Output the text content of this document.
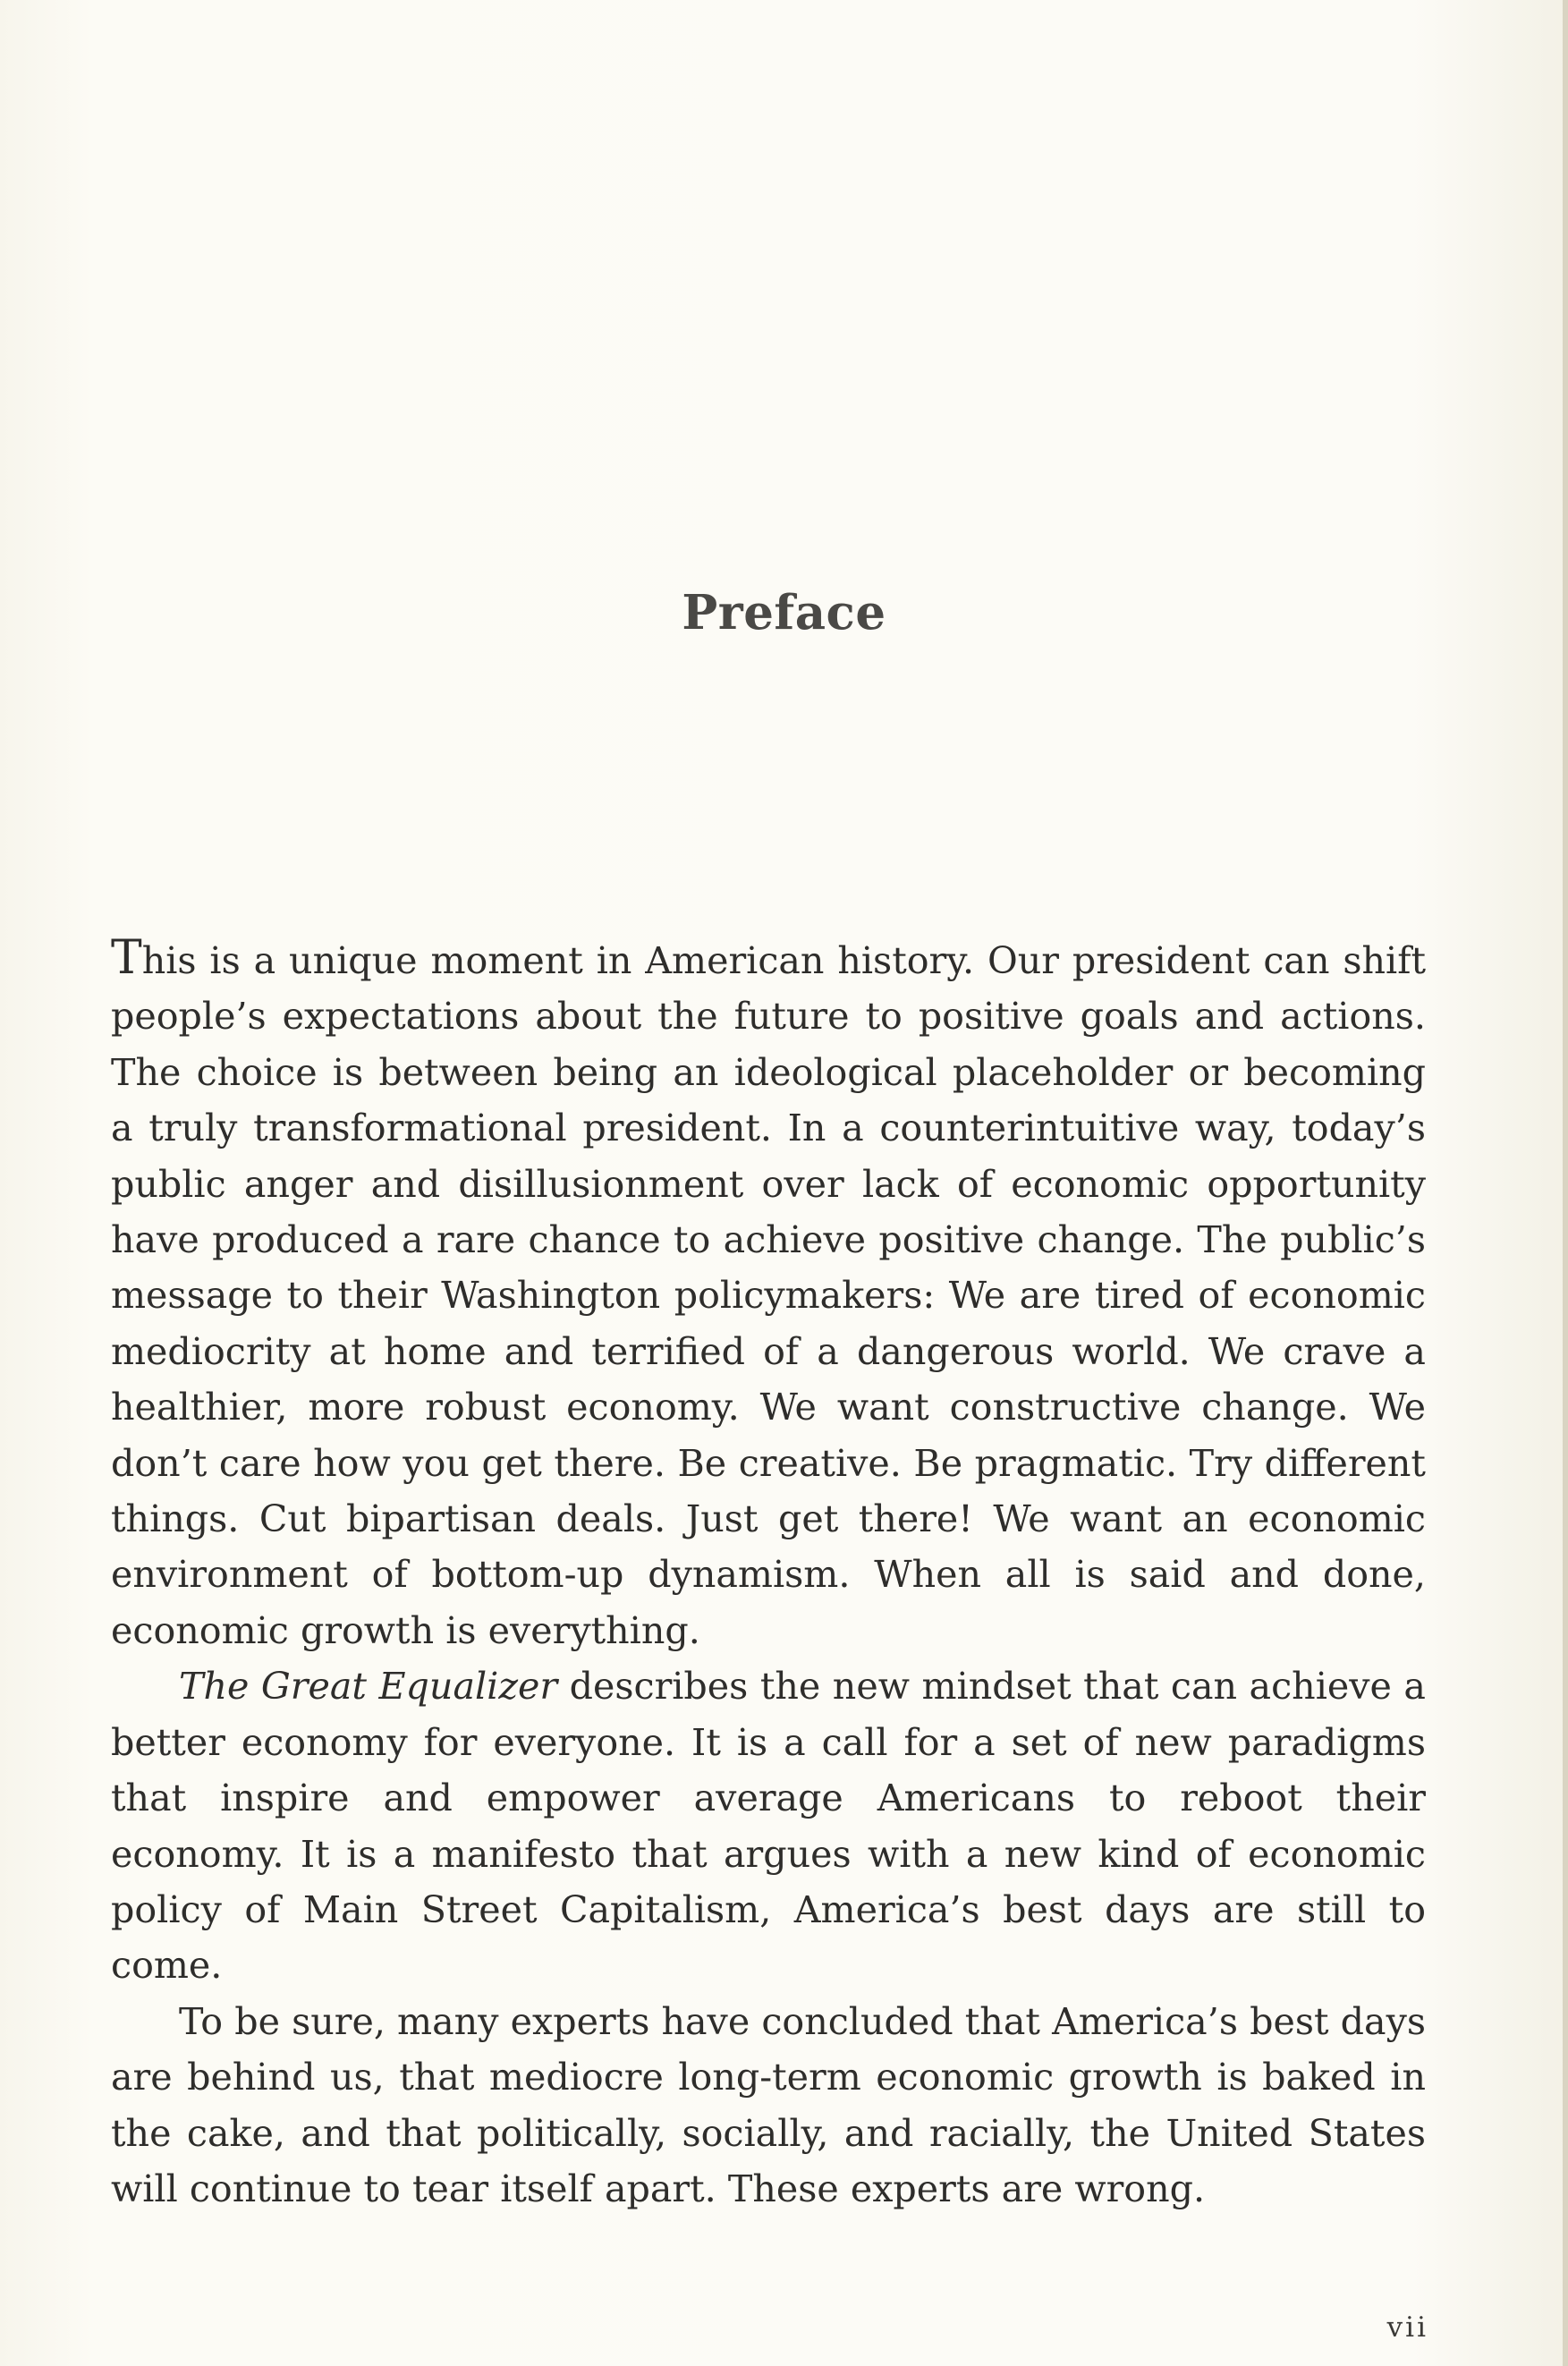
Preface

This is a unique moment in American history. Our president can shift people’s expectations about the future to positive goals and actions. The choice is between being an ideological placeholder or becoming a truly transformational president. In a counterintuitive way, today’s public anger and disillusionment over lack of economic opportunity have produced a rare chance to achieve positive change. The public’s message to their Washington policymakers: We are tired of economic mediocrity at home and terrified of a dangerous world. We crave a healthier, more robust economy. We want constructive change. We don’t care how you get there. Be creative. Be pragmatic. Try different things. Cut bipartisan deals. Just get there! We want an economic environment of bottom-up dynamism. When all is said and done, economic growth is everything.

The Great Equalizer describes the new mindset that can achieve a better economy for everyone. It is a call for a set of new paradigms that inspire and empower average Americans to reboot their economy. It is a manifesto that argues with a new kind of economic policy of Main Street Capitalism, America’s best days are still to come.

To be sure, many experts have concluded that America’s best days are behind us, that mediocre long-term economic growth is baked in the cake, and that politically, socially, and racially, the United States will continue to tear itself apart. These experts are wrong.

vii
